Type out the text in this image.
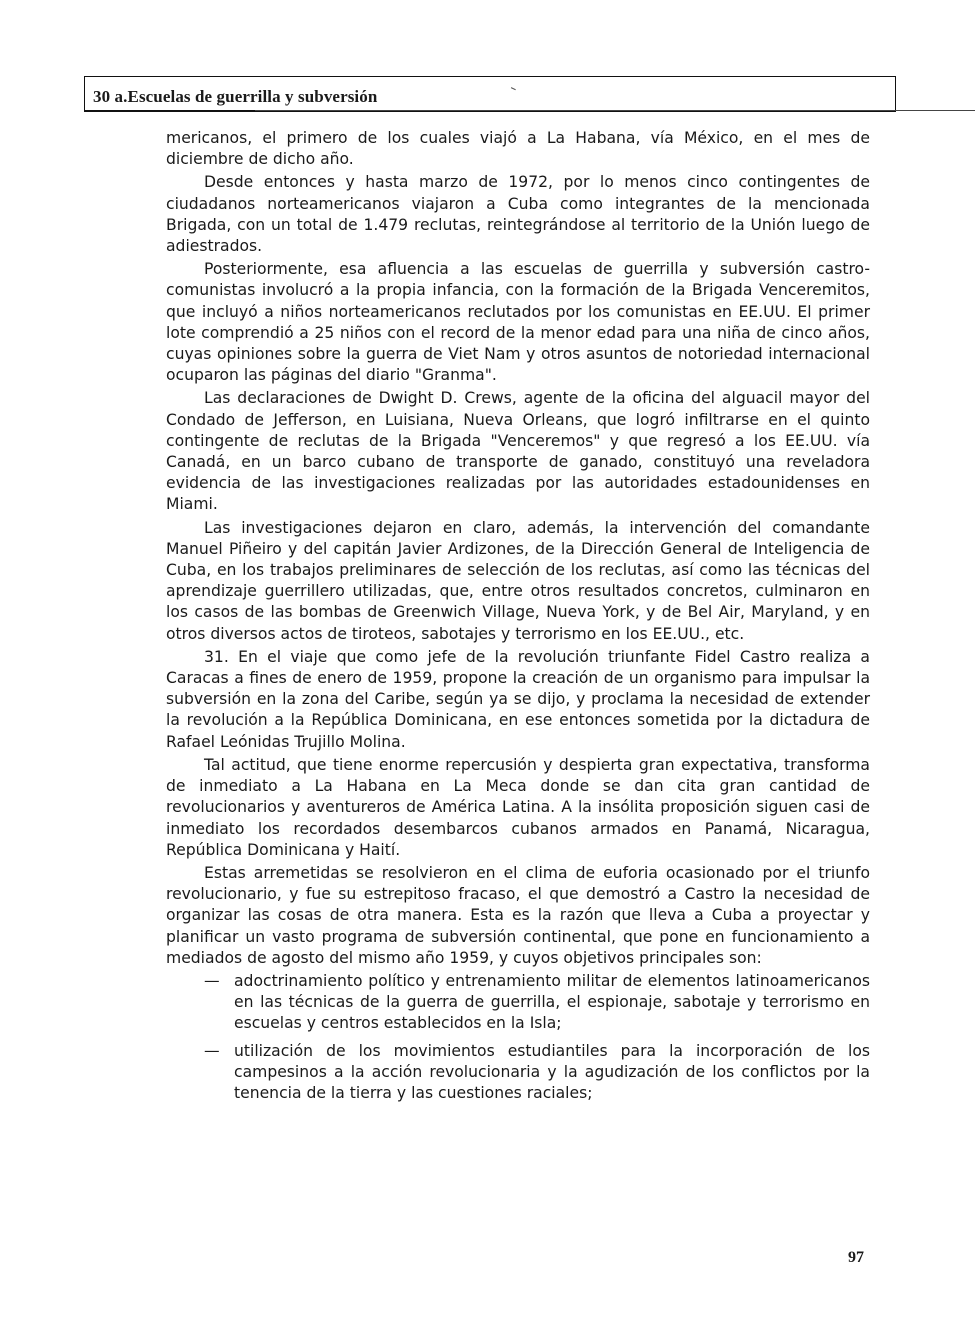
30 a.Escuelas de guerrilla y subversión

mericanos, el primero de los cuales viajó a La Habana, vía México, en el mes de diciembre de dicho año.

Desde entonces y hasta marzo de 1972, por lo menos cinco contingentes de ciudadanos norteamericanos viajaron a Cuba como integrantes de la mencionada Brigada, con un total de 1.479 reclutas, reintegrándose al territorio de la Unión luego de adiestrados.

Posteriormente, esa afluencia a las escuelas de guerrilla y subversión castro-comunistas involucró a la propia infancia, con la formación de la Brigada Venceremitos, que incluyó a niños norteamericanos reclutados por los comunistas en EE.UU. El primer lote comprendió a 25 niños con el record de la menor edad para una niña de cinco años, cuyas opiniones sobre la guerra de Viet Nam y otros asuntos de notoriedad internacional ocuparon las páginas del diario "Granma".

Las declaraciones de Dwight D. Crews, agente de la oficina del alguacil mayor del Condado de Jefferson, en Luisiana, Nueva Orleans, que logró infiltrarse en el quinto contingente de reclutas de la Brigada "Venceremos" y que regresó a los EE.UU. vía Canadá, en un barco cubano de transporte de ganado, constituyó una reveladora evidencia de las investigaciones realizadas por las autoridades estadounidenses en Miami.

Las investigaciones dejaron en claro, además, la intervención del comandante Manuel Piñeiro y del capitán Javier Ardizones, de la Dirección General de Inteligencia de Cuba, en los trabajos preliminares de selección de los reclutas, así como las técnicas del aprendizaje guerrillero utilizadas, que, entre otros resultados concretos, culminaron en los casos de las bombas de Greenwich Village, Nueva York, y de Bel Air, Maryland, y en otros diversos actos de tiroteos, sabotajes y terrorismo en los EE.UU., etc.

31. En el viaje que como jefe de la revolución triunfante Fidel Castro realiza a Caracas a fines de enero de 1959, propone la creación de un organismo para impulsar la subversión en la zona del Caribe, según ya se dijo, y proclama la necesidad de extender la revolución a la República Dominicana, en ese entonces sometida por la dictadura de Rafael Leónidas Trujillo Molina.

Tal actitud, que tiene enorme repercusión y despierta gran expectativa, transforma de inmediato a La Habana en La Meca donde se dan cita gran cantidad de revolucionarios y aventureros de América Latina. A la insólita proposición siguen casi de inmediato los recordados desembarcos cubanos armados en Panamá, Nicaragua, República Dominicana y Haití.

Estas arremetidas se resolvieron en el clima de euforia ocasionado por el triunfo revolucionario, y fue su estrepitoso fracaso, el que demostró a Castro la necesidad de organizar las cosas de otra manera. Esta es la razón que lleva a Cuba a proyectar y planificar un vasto programa de subversión continental, que pone en funcionamiento a mediados de agosto del mismo año 1959, y cuyos objetivos principales son:

— adoctrinamiento político y entrenamiento militar de elementos latinoamericanos en las técnicas de la guerra de guerrilla, el espionaje, sabotaje y terrorismo en escuelas y centros establecidos en la Isla;
— utilización de los movimientos estudiantiles para la incorporación de los campesinos a la acción revolucionaria y la agudización de los conflictos por la tenencia de la tierra y las cuestiones raciales;
97
